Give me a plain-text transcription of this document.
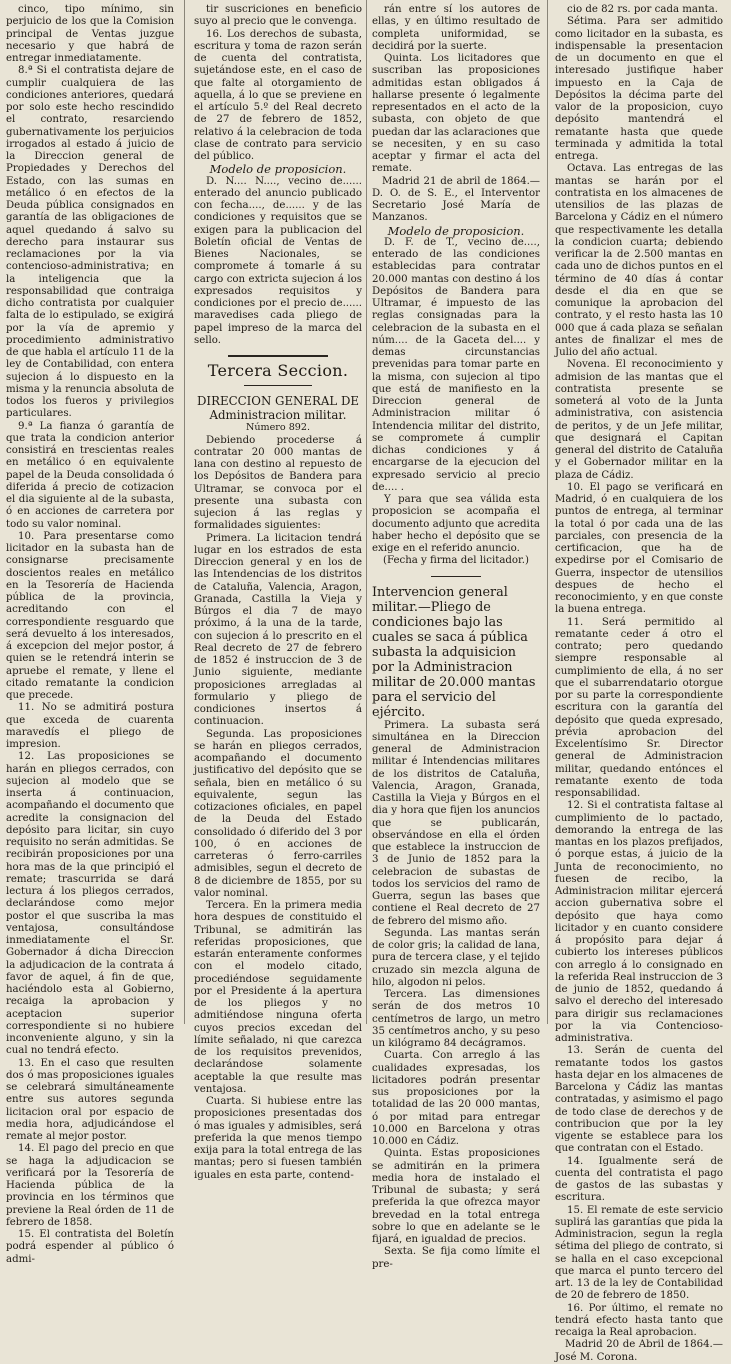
cinco, tipo mínimo, sin perjuicio de los que la Comision principal de Ventas juzgue necesario y que habrá de entregar inmediatamente.

8.ª Si el contratista dejare de cumplir cualquiera de las condiciones anteriores, quedará por solo este hecho rescindido el contrato, resarciendo gubernativamente los perjuicios irrogados al estado á juicio de la Direccion general de Propiedades y Derechos del Estado, con las sumas en metálico ó en efectos de la Deuda pública consignados en garantía de las obligaciones de aquel quedando á salvo su derecho para instaurar sus reclamaciones por la via contencioso-administrativa; en la inteligencia que la responsabilidad que contraiga dicho contratista por cualquier falta de lo estipulado, se exigirá por la vía de apremio y procedimiento administrativo de que habla el artículo 11 de la ley de Contabilidad, con entera sujecion á lo dispuesto en la misma y la renuncia absoluta de todos los fueros y privilegios particulares.

9.ª La fianza ó garantía de que trata la condicion anterior consistirá en trescientas reales en metálico ó en equivalente papel de la Deuda consolidada ó diferida á precio de cotizacion el dia siguiente al de la subasta, ó en acciones de carretera por todo su valor nominal.

10. Para presentarse como licitador en la subasta han de consignarse precisamente doscientos reales en metálico en la Tesorería de Hacienda pública de la provincia, acreditando con el correspondiente resguardo que será devuelto á los interesados, á excepcion del mejor postor, á quien se le retendrá interin se apruebe el remate, y llene el citado rematante la condicion que precede.

11. No se admitirá postura que exceda de cuarenta maravedís el pliego de impresion.

12. Las proposiciones se harán en pliegos cerrados, con sujecion al modelo que se inserta á continuacion, acompañando el documento que acredite la consignacion del depósito para licitar, sin cuyo requisito no serán admitidas. Se recibirán proposiciones por una hora mas de la que principió el remate; trascurrida se dará lectura á los pliegos cerrados, declarándose como mejor postor el que suscriba la mas ventajosa, consultándose inmediatamente el Sr. Gobernador á dicha Direccion la adjudicacion de la contrata á favor de aquel, á fin de que, haciéndolo esta al Gobierno, recaiga la aprobacion y aceptacion superior correspondiente si no hubiere inconveniente alguno, y sin la cual no tendrá efecto.

13. En el caso que resulten dos ó mas proposiciones iguales se celebrará simultáneamente entre sus autores segunda licitacion oral por espacio de media hora, adjudicándose el remate al mejor postor.

14. El pago del precio en que se haga la adjudicacion se verificará por la Tesorería de Hacienda pública de la provincia en los términos que previene la Real órden de 11 de febrero de 1858.

15. El contratista del Boletín podrá espender al público ó admi-

tir suscriciones en beneficio suyo al precio que le convenga.

16. Los derechos de subasta, escritura y toma de razon serán de cuenta del contratista, sujetándose este, en el caso de que falte al otorgamiento de aquella, á lo que se previene en el artículo 5.º del Real decreto de 27 de febrero de 1852, relativo á la celebracion de toda clase de contrato para servicio del público.

Modelo de proposicion.

D. N.... N...., vecino de...... enterado del anuncio publicado con fecha...., de...... y de las condiciones y requisitos que se exigen para la publicacion del Boletín oficial de Ventas de Bienes Nacionales, se compromete á tomarle á su cargo con extricta sujecion á los expresados requisitos y condiciones por el precio de...... maravedises cada pliego de papel impreso de la marca del sello.

Tercera Seccion.

DIRECCION GENERAL DE

Administracion militar.

Número 892.

Debiendo procederse á contratar 20 000 mantas de lana con destino al repuesto de los Depósitos de Bandera para Ultramar, se convoca por el presente una subasta con sujecion á las reglas y formalidades siguientes:

Primera. La licitacion tendrá lugar en los estrados de esta Direccion general y en los de las Intendencias de los distritos de Cataluña, Valencia, Aragon, Granada, Castilla la Vieja y Búrgos el dia 7 de mayo próximo, á la una de la tarde, con sujecion á lo prescrito en el Real decreto de 27 de febrero de 1852 é instruccion de 3 de Junio siguiente, mediante proposiciones arregladas al formulario y pliego de condiciones insertos á continuacion.

Segunda. Las proposiciones se harán en pliegos cerrados, acompañando el documento justificativo del depósito que se señala, bien en metálico ó su equivalente, segun las cotizaciones oficiales, en papel de la Deuda del Estado consolidado ó diferido del 3 por 100, ó en acciones de carreteras ó ferro-carriles admisibles, segun el decreto de 8 de diciembre de 1855, por su valor nominal.

Tercera. En la primera media hora despues de constituido el Tribunal, se admitirán las referidas proposiciones, que estarán enteramente conformes con el modelo citado, procediéndose seguidamente por el Presidente á la apertura de los pliegos y no admitiéndose ninguna oferta cuyos precios excedan del límite señalado, ni que carezca de los requisitos prevenidos, declarándose solamente aceptable la que resulte mas ventajosa.

Cuarta. Si hubiese entre las proposiciones presentadas dos ó mas iguales y admisibles, será preferida la que menos tiempo exija para la total entrega de las mantas; pero si fuesen también iguales en esta parte, contend-

rán entre sí los autores de ellas, y en último resultado de completa uniformidad, se decidirá por la suerte.

Quinta. Los licitadores que suscriban las proposiciones admitidas estan obligados á hallarse presente ó legalmente representados en el acto de la subasta, con objeto de que puedan dar las aclaraciones que se necesiten, y en su caso aceptar y firmar el acta del remate.

Madrid 21 de abril de 1864.—D. O. de S. E., el Interventor Secretario José María de Manzanos.

Modelo de proposicion.

D. F. de T., vecino de...., enterado de las condiciones establecidas para contratar 20.000 mantas con destino á los Depósitos de Bandera para Ultramar, é impuesto de las reglas consignadas para la celebracion de la subasta en el núm.... de la Gaceta del.... y demas circunstancias prevenidas para tomar parte en la misma, con sujecion al tipo que está de manifiesto en la Direccion general de Administracion militar ó Intendencia militar del distrito, se compromete á cumplir dichas condiciones y á encargarse de la ejecucion del expresado servicio al precio de.... .

Y para que sea válida esta proposicion se acompaña el documento adjunto que acredita haber hecho el depósito que se exige en el referido anuncio.

(Fecha y firma del licitador.)

Intervencion general militar.—Pliego de condiciones bajo las cuales se saca á pública subasta la adquisicion por la Administracion militar de 20.000 mantas para el servicio del ejército.

Primera. La subasta será simultánea en la Direccion general de Administracion militar é Intendencias militares de los distritos de Cataluña, Valencia, Aragon, Granada, Castilla la Vieja y Búrgos en el dia y hora que fijen los anuncios que se publicarán, observándose en ella el órden que establece la instruccion de 3 de Junio de 1852 para la celebracion de subastas de todos los servicios del ramo de Guerra, segun las bases que contiene el Real decreto de 27 de febrero del mismo año.

Segunda. Las mantas serán de color gris; la calidad de lana, pura de tercera clase, y el tejido cruzado sin mezcla alguna de hilo, algodon ni pelos.

Tercera. Las dimensiones serán de dos metros 10 centímetros de largo, un metro 35 centímetros ancho, y su peso un kilógramo 84 decágramos.

Cuarta. Con arreglo á las cualidades expresadas, los licitadores podrán presentar sus proposiciones por la totalidad de las 20 000 mantas, ó por mitad para entregar 10.000 en Barcelona y otras 10.000 en Cádiz.

Quinta. Estas proposiciones se admitirán en la primera media hora de instalado el Tribunal de subasta; y será preferida la que ofrezca mayor brevedad en la total entrega sobre lo que en adelante se le fijará, en igualdad de precios.

Sexta. Se fija como límite el pre-

cio de 82 rs. por cada manta.

Sétima. Para ser admitido como licitador en la subasta, es indispensable la presentacion de un documento en que el interesado justifique haber impuesto en la Caja de Depósitos la décima parte del valor de la proposicion, cuyo depósito mantendrá el rematante hasta que quede terminada y admitida la total entrega.

Octava. Las entregas de las mantas se harán por el contratista en los almacenes de utensilios de las plazas de Barcelona y Cádiz en el número que respectivamente les detalla la condicion cuarta; debiendo verificar la de 2.500 mantas en cada uno de dichos puntos en el término de 40 días á contar desde el dia en que se comunique la aprobacion del contrato, y el resto hasta las 10 000 que á cada plaza se señalan antes de finalizar el mes de Julio del año actual.

Novena. El reconocimiento y admision de las mantas que el contratista presente se someterá al voto de la Junta administrativa, con asistencia de peritos, y de un Jefe militar, que designará el Capitan general del distrito de Cataluña y el Gobernador militar en la plaza de Cádiz.

10. El pago se verificará en Madrid, ó en cualquiera de los puntos de entrega, al terminar la total ó por cada una de las parciales, con presencia de la certificacion, que ha de expedirse por el Comisario de Guerra, inspector de utensilios despues de hecho el reconocimiento, y en que conste la buena entrega.

11. Será permitido al rematante ceder á otro el contrato; pero quedando siempre responsable al cumplimiento de ella, á no ser que el subarrendatario otorgue por su parte la correspondiente escritura con la garantía del depósito que queda expresado, prévia aprobacion del Excelentísimo Sr. Director general de Administracion militar, quedando entónces el rematante exento de toda responsabilidad.

12. Si el contratista faltase al cumplimiento de lo pactado, demorando la entrega de las mantas en los plazos prefijados, ó porque estas, á juicio de la Junta de reconocimiento, no fuesen de recibo, la Administracion militar ejercerá accion gubernativa sobre el depósito que haya como licitador y en cuanto considere á propósito para dejar á cubierto los intereses públicos con arreglo á lo consignado en la referida Real instruccion de 3 de junio de 1852, quedando á salvo el derecho del interesado para dirigir sus reclamaciones por la via Contencioso-administrativa.

13. Serán de cuenta del rematante todos los gastos hasta dejar en los almacenes de Barcelona y Cádiz las mantas contratadas, y asimismo el pago de todo clase de derechos y de contribucion que por la ley vigente se establece para los que contratan con el Estado.

14. Igualmente será de cuenta del contratista el pago de gastos de las subastas y escritura.

15. El remate de este servicio suplirá las garantías que pida la Administracion, segun la regla sétima del pliego de contrato, si se halla en el caso excepcional que marca el punto tercero del art. 13 de la ley de Contabilidad de 20 de febrero de 1850.

16. Por último, el remate no tendrá efecto hasta tanto que recaiga la Real aprobacion.

Madrid 20 de Abril de 1864.—José M. Corona.
